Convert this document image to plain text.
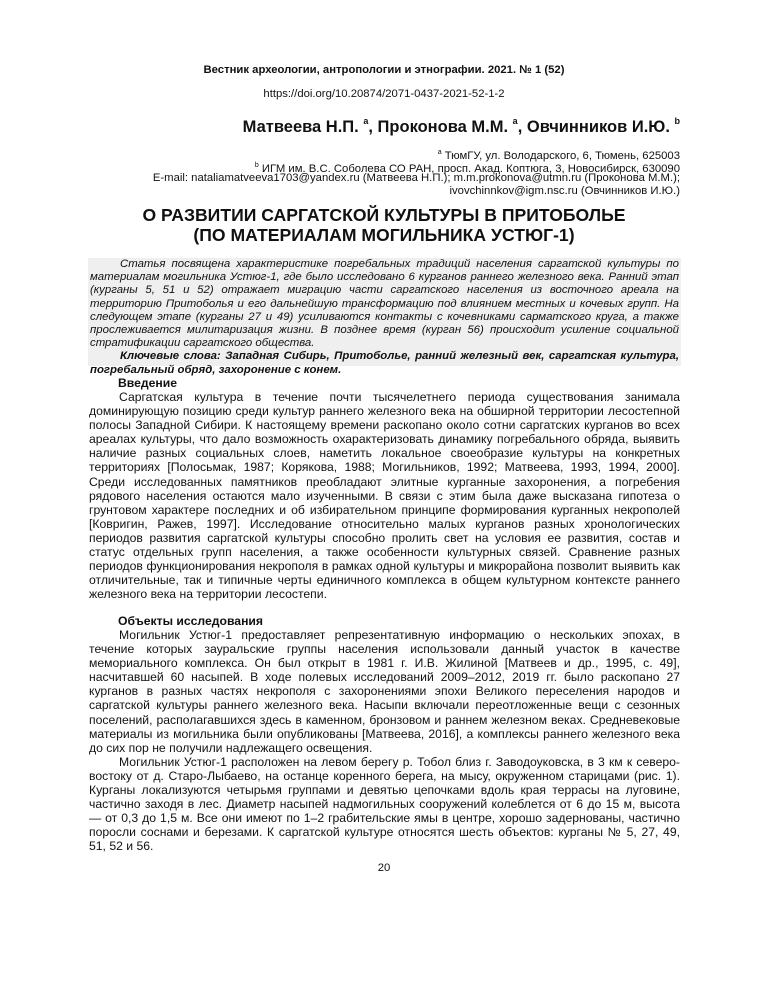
Вестник археологии, антропологии и этнографии. 2021. № 1 (52)
https://doi.org/10.20874/2071-0437-2021-52-1-2
Матвеева Н.П. $^a$, Проконова М.М. $^a$, Овчинников И.Ю. $^b$
$^a$ ТюмГУ, ул. Володарского, 6, Тюмень, 625003
$^b$ ИГМ им. В.С. Соболева СО РАН, просп. Акад. Коптюга, 3, Новосибирск, 630090
E-mail: nataliamatveeva1703@yandex.ru (Матвеева Н.П.); m.m.prokonova@utmn.ru (Проконова М.М.);
ivovchinnkov@igm.nsc.ru (Овчинников И.Ю.)
О РАЗВИТИИ САРГАТСКОЙ КУЛЬТУРЫ В ПРИТОБОЛЬЕ
(ПО МАТЕРИАЛАМ МОГИЛЬНИКА УСТЮГ-1)

Статья посвящена характеристике погребальных традиций населения саргатской культуры по материалам могильника Устюг-1, где было исследовано 6 курганов раннего железного века. Ранний этап (курганы 5, 51 и 52) отражает миграцию части саргатского населения из восточного ареала на территорию Притоболья и его дальнейшую трансформацию под влиянием местных и кочевых групп. На следующем этапе (курганы 27 и 49) усиливаются контакты с кочевниками сарматского круга, а также прослеживается милитаризация жизни. В позднее время (курган 56) происходит усиление социальной стратификации саргатского общества.

Ключевые слова: Западная Сибирь, Притоболье, ранний железный век, саргатская культура, погребальный обряд, захоронение с конем.

Введение

Саргатская культура в течение почти тысячелетнего периода существования занимала доминирующую позицию среди культур раннего железного века на обширной территории лесостепной полосы Западной Сибири. К настоящему времени раскопано около сотни саргатских курганов во всех ареалах культуры, что дало возможность охарактеризовать динамику погребального обряда, выявить наличие разных социальных слоев, наметить локальное своеобразие культуры на конкретных территориях [Полосьмак, 1987; Корякова, 1988; Могильников, 1992; Матвеева, 1993, 1994, 2000]. Среди исследованных памятников преобладают элитные курганные захоронения, а погребения рядового населения остаются мало изученными. В связи с этим была даже высказана гипотеза о грунтовом характере последних и об избирательном принципе формирования курганных некрополей [Ковригин, Ражев, 1997]. Исследование относительно малых курганов разных хронологических периодов развития саргатской культуры способно пролить свет на условия ее развития, состав и статус отдельных групп населения, а также особенности культурных связей. Сравнение разных периодов функционирования некрополя в рамках одной культуры и микрорайона позволит выявить как отличительные, так и типичные черты единичного комплекса в общем культурном контексте раннего железного века на территории лесостепи.

Объекты исследования

Могильник Устюг-1 предоставляет репрезентативную информацию о нескольких эпохах, в течение которых зауральские группы населения использовали данный участок в качестве мемориального комплекса. Он был открыт в 1981 г. И.В. Жилиной [Матвеев и др., 1995, с. 49], насчитавшей 60 насыпей. В ходе полевых исследований 2009–2012, 2019 гг. было раскопано 27 курганов в разных частях некрополя с захоронениями эпохи Великого переселения народов и саргатской культуры раннего железного века. Насыпи включали переотложенные вещи с сезонных поселений, располагавшихся здесь в каменном, бронзовом и раннем железном веках. Средневековые материалы из могильника были опубликованы [Матвеева, 2016], а комплексы раннего железного века до сих пор не получили надлежащего освещения.

Могильник Устюг-1 расположен на левом берегу р. Тобол близ г. Заводоуковска, в 3 км к северо-востоку от д. Старо-Лыбаево, на останце коренного берега, на мысу, окруженном старицами (рис. 1). Курганы локализуются четырьмя группами и девятью цепочками вдоль края террасы на луговине, частично заходя в лес. Диаметр насыпей надмогильных сооружений колеблется от 6 до 15 м, высота — от 0,3 до 1,5 м. Все они имеют по 1–2 грабительские ямы в центре, хорошо задернованы, частично поросли соснами и березами. К саргатской культуре относятся шесть объектов: курганы № 5, 27, 49, 51, 52 и 56.

20
